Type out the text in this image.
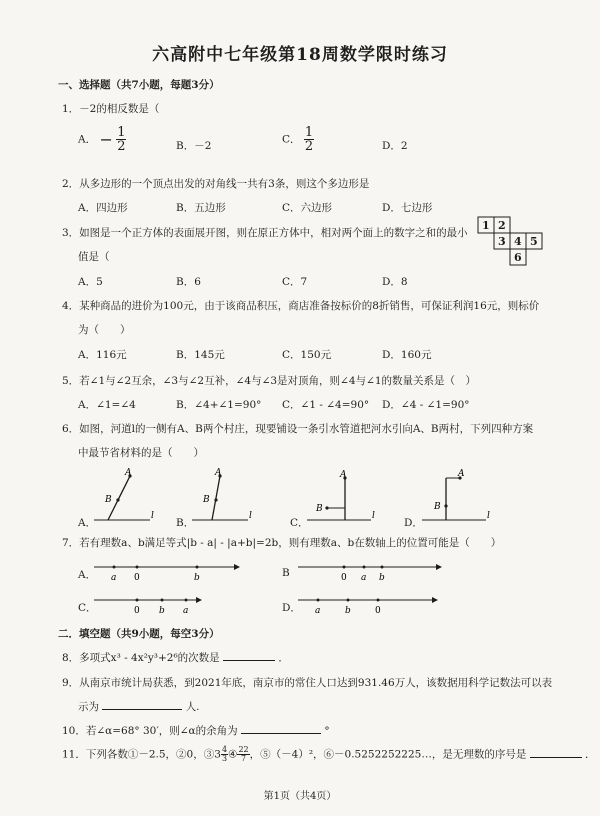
六高附中七年级第18周数学限时练习
一、选择题（共7小题，每题3分）
1．－2的相反数是（
A． − $\frac{1}{2}$	B．－2
C． $\frac{1}{2}$	D．2
2．从多边形的一个顶点出发的对角线一共有3条，则这个多边形是
A．四边形	B．五边形	C．六边形	D．七边形
3．如图是一个正方体的表面展开图，则在原正方体中，相对两个面上的数字之和的最小
值是（
A．5	B．6	C．7	D．8
1 2
3 4 5
6
4．某种商品的进价为100元，由于该商品积压，商店准备按标价的8折销售，可保证利润16元，则标价
为（　　）
A．116元	B．145元	C．150元	D．160元
5．若∠1与∠2互余，∠3与∠2互补，∠4与∠3是对顶角，则∠4与∠1的数量关系是（　）
A．∠1=∠4	B．∠4+∠1=90° C．∠1 - ∠4=90° D．∠4 - ∠1=90°
6．如图，河道l的一侧有A、B两个村庄，现要铺设一条引水管道把河水引向A、B两村，下列四种方案
中最节省材料的是（　　）
A．
A
B
l
B．
A
B
l
C．
A
B
l
D．
A
B
l
7．若有理数a、b满足等式|b - a| - |a+b|=2b，则有理数a、b在数轴上的位置可能是（　　）
A． a 0	b	B	0 a b
C．	0 b a	D． a	b	0
二．填空题（共9小题，每空3分）
8．多项式x³ - 4x²y³+2⁶的次数是	．
9．从南京市统计局获悉，到2021年底，南京市的常住人口达到931.46万人，该数据用科学记数法可以表
示为	人.
10．若∠α=68° 30′，则∠α的余角为	°
11．下列各数①－2.5，②0，③3 $\frac{4}{3}$ ④ $\frac{22}{7}$ ，⑤（－4）²，⑥－0.5252252225…，是无理数的序号是	．
第1页（共4页）
